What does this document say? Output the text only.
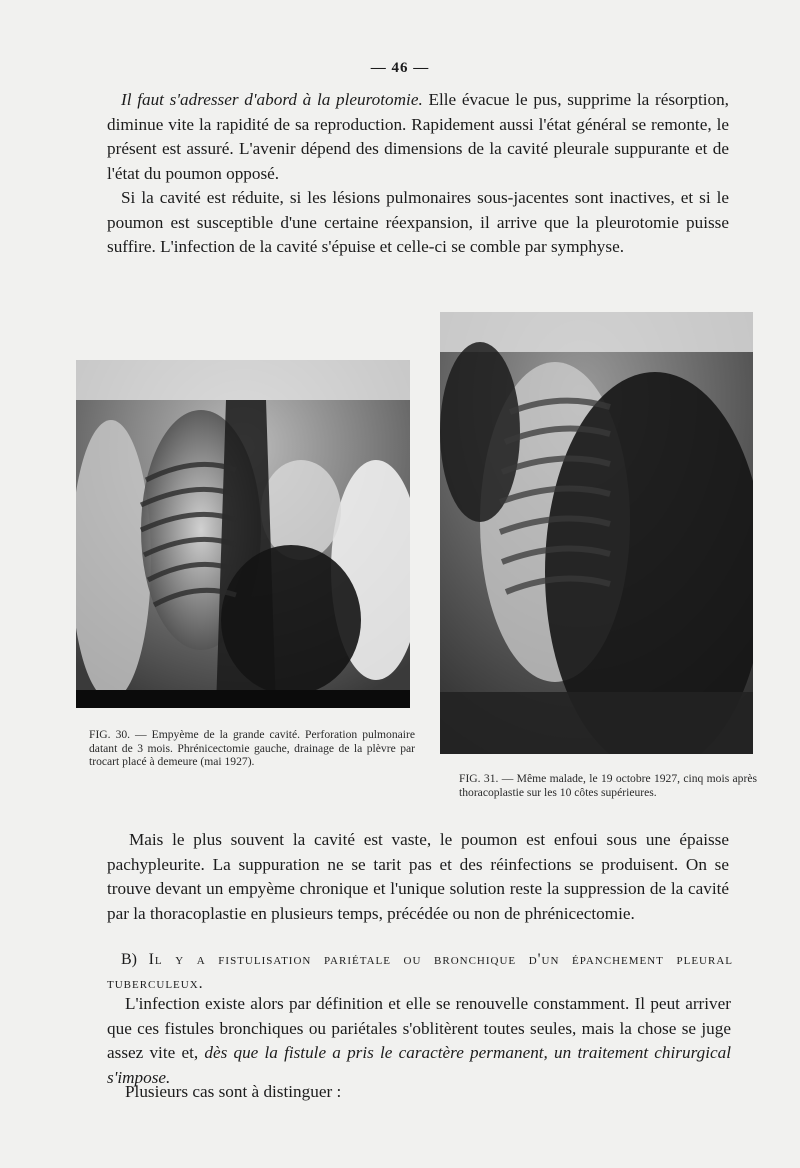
— 46 —

Il faut s'adresser d'abord à la pleurotomie. Elle évacue le pus, supprime la résorption, diminue vite la rapidité de sa reproduction. Rapidement aussi l'état général se remonte, le présent est assuré. L'avenir dépend des dimensions de la cavité pleurale suppurante et de l'état du poumon opposé.

Si la cavité est réduite, si les lésions pulmonaires sous-jacentes sont inactives, et si le poumon est susceptible d'une certaine réexpansion, il arrive que la pleurotomie puisse suffire. L'infection de la cavité s'épuise et celle-ci se comble par symphyse.

FIG. 30. — Empyème de la grande cavité. Perforation pulmonaire datant de 3 mois. Phrénicectomie gauche, drainage de la plèvre par trocart placé à demeure (mai 1927).
FIG. 31. — Même malade, le 19 octobre 1927, cinq mois après thoracoplastie sur les 10 côtes supérieures.

Mais le plus souvent la cavité est vaste, le poumon est enfoui sous une épaisse pachypleurite. La suppuration ne se tarit pas et des réinfections se produisent. On se trouve devant un empyème chronique et l'unique solution reste la suppression de la cavité par la thoracoplastie en plusieurs temps, précédée ou non de phrénicectomie.

B) Il y a fistulisation pariétale ou bronchique d'un épanchement pleural tuberculeux.

L'infection existe alors par définition et elle se renouvelle constamment. Il peut arriver que ces fistules bronchiques ou pariétales s'oblitèrent toutes seules, mais la chose se juge assez vite et, dès que la fistule a pris le caractère permanent, un traitement chirurgical s'impose.

Plusieurs cas sont à distinguer :
